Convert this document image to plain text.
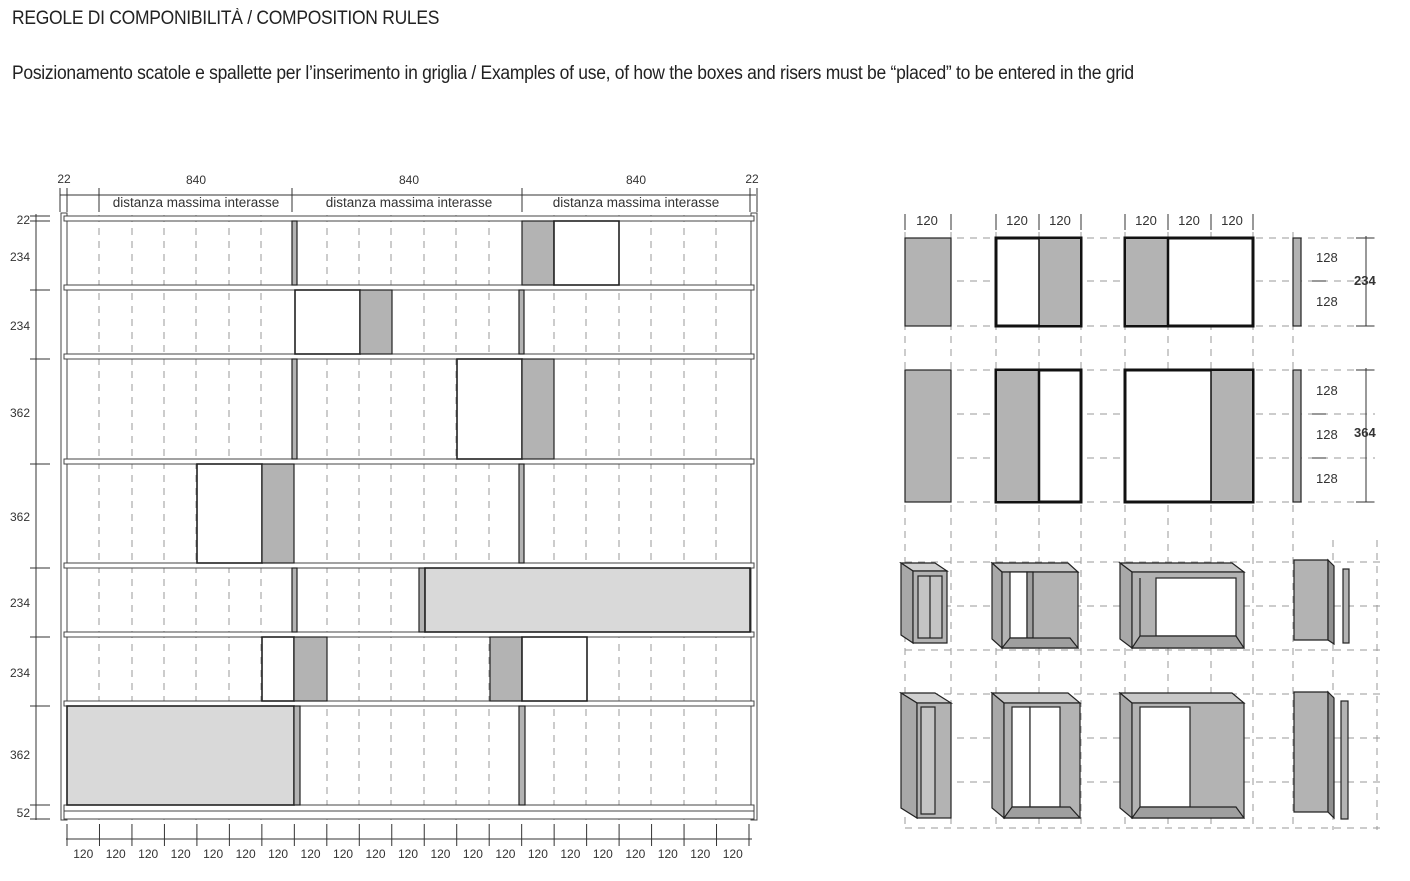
REGOLE DI COMPONIBILITÀ / COMPOSITION RULES
Posizionamento scatole e spallette per l’inserimento in griglia / Examples of use, of how the boxes and risers must be “placed” to be entered in the grid
22	22
840	840	840
distanza massima interasse	distanza massima interasse	distanza massima interasse
22
234
234
362
362
234
234
362
52
120 120 120 120 120 120 120 120 120 120 120 120 120 120 120 120 120 120 120 120 120
120	120 120	120 120 120
128
128
234
128
128
128
364
